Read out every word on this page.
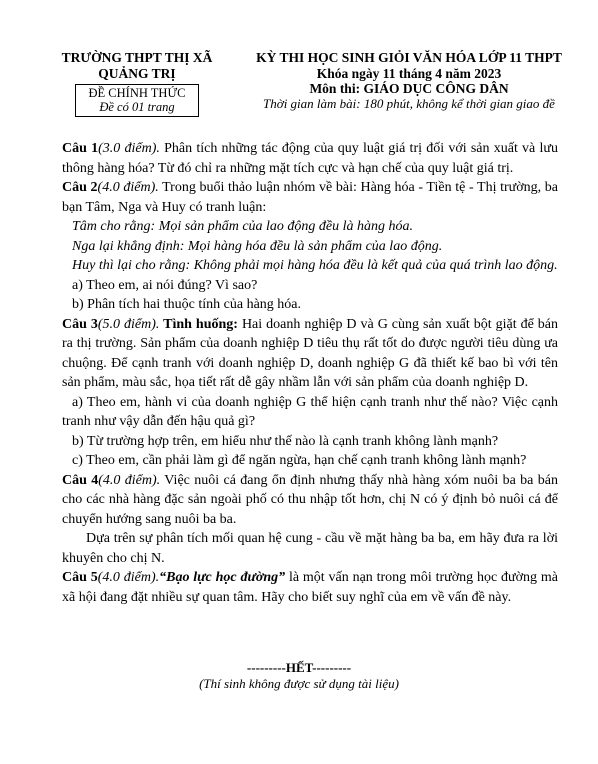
TRƯỜNG THPT THỊ XÃ
QUẢNG TRỊ
ĐỀ CHÍNH THỨC
Đề có 01 trang
KỲ THI HỌC SINH GIỎI VĂN HÓA LỚP 11 THPT
Khóa ngày 11 tháng 4 năm 2023
Môn thi: GIÁO DỤC CÔNG DÂN
Thời gian làm bài: 180 phút, không kể thời gian giao đề

Câu 1(3.0 điểm). Phân tích những tác động của quy luật giá trị đối với sản xuất và lưu thông hàng hóa? Từ đó chỉ ra những mặt tích cực và hạn chế của quy luật giá trị.

Câu 2(4.0 điểm). Trong buổi thảo luận nhóm về bài: Hàng hóa - Tiền tệ - Thị trường, ba bạn Tâm, Nga và Huy có tranh luận:

Tâm cho rằng: Mọi sản phẩm của lao động đều là hàng hóa.

Nga lại khẳng định: Mọi hàng hóa đều là sản phẩm của lao động.

Huy thì lại cho rằng: Không phải mọi hàng hóa đều là kết quả của quá trình lao động.

a) Theo em, ai nói đúng? Vì sao?

b) Phân tích hai thuộc tính của hàng hóa.

Câu 3(5.0 điểm). Tình huống: Hai doanh nghiệp D và G cùng sản xuất bột giặt để bán ra thị trường. Sản phẩm của doanh nghiệp D tiêu thụ rất tốt do được người tiêu dùng ưa chuộng. Để cạnh tranh với doanh nghiệp D, doanh nghiệp G đã thiết kế bao bì với tên sản phẩm, màu sắc, họa tiết rất dễ gây nhầm lẫn với sản phẩm của doanh nghiệp D.

a) Theo em, hành vi của doanh nghiệp G thể hiện cạnh tranh như thế nào? Việc cạnh tranh như vậy dẫn đến hậu quả gì?

b) Từ trường hợp trên, em hiểu như thế nào là cạnh tranh không lành mạnh?

c) Theo em, cần phải làm gì để ngăn ngừa, hạn chế cạnh tranh không lành mạnh?

Câu 4(4.0 điểm). Việc nuôi cá đang ổn định nhưng thấy nhà hàng xóm nuôi ba ba bán cho các nhà hàng đặc sản ngoài phố có thu nhập tốt hơn, chị N có ý định bỏ nuôi cá để chuyển hướng sang nuôi ba ba.

Dựa trên sự phân tích mối quan hệ cung - cầu về mặt hàng ba ba, em hãy đưa ra lời khuyên cho chị N.

Câu 5(4.0 điểm).“Bạo lực học đường” là một vấn nạn trong môi trường học đường mà xã hội đang đặt nhiều sự quan tâm. Hãy cho biết suy nghĩ của em về vấn đề này.

---------HẾT---------
(Thí sinh không được sử dụng tài liệu)
